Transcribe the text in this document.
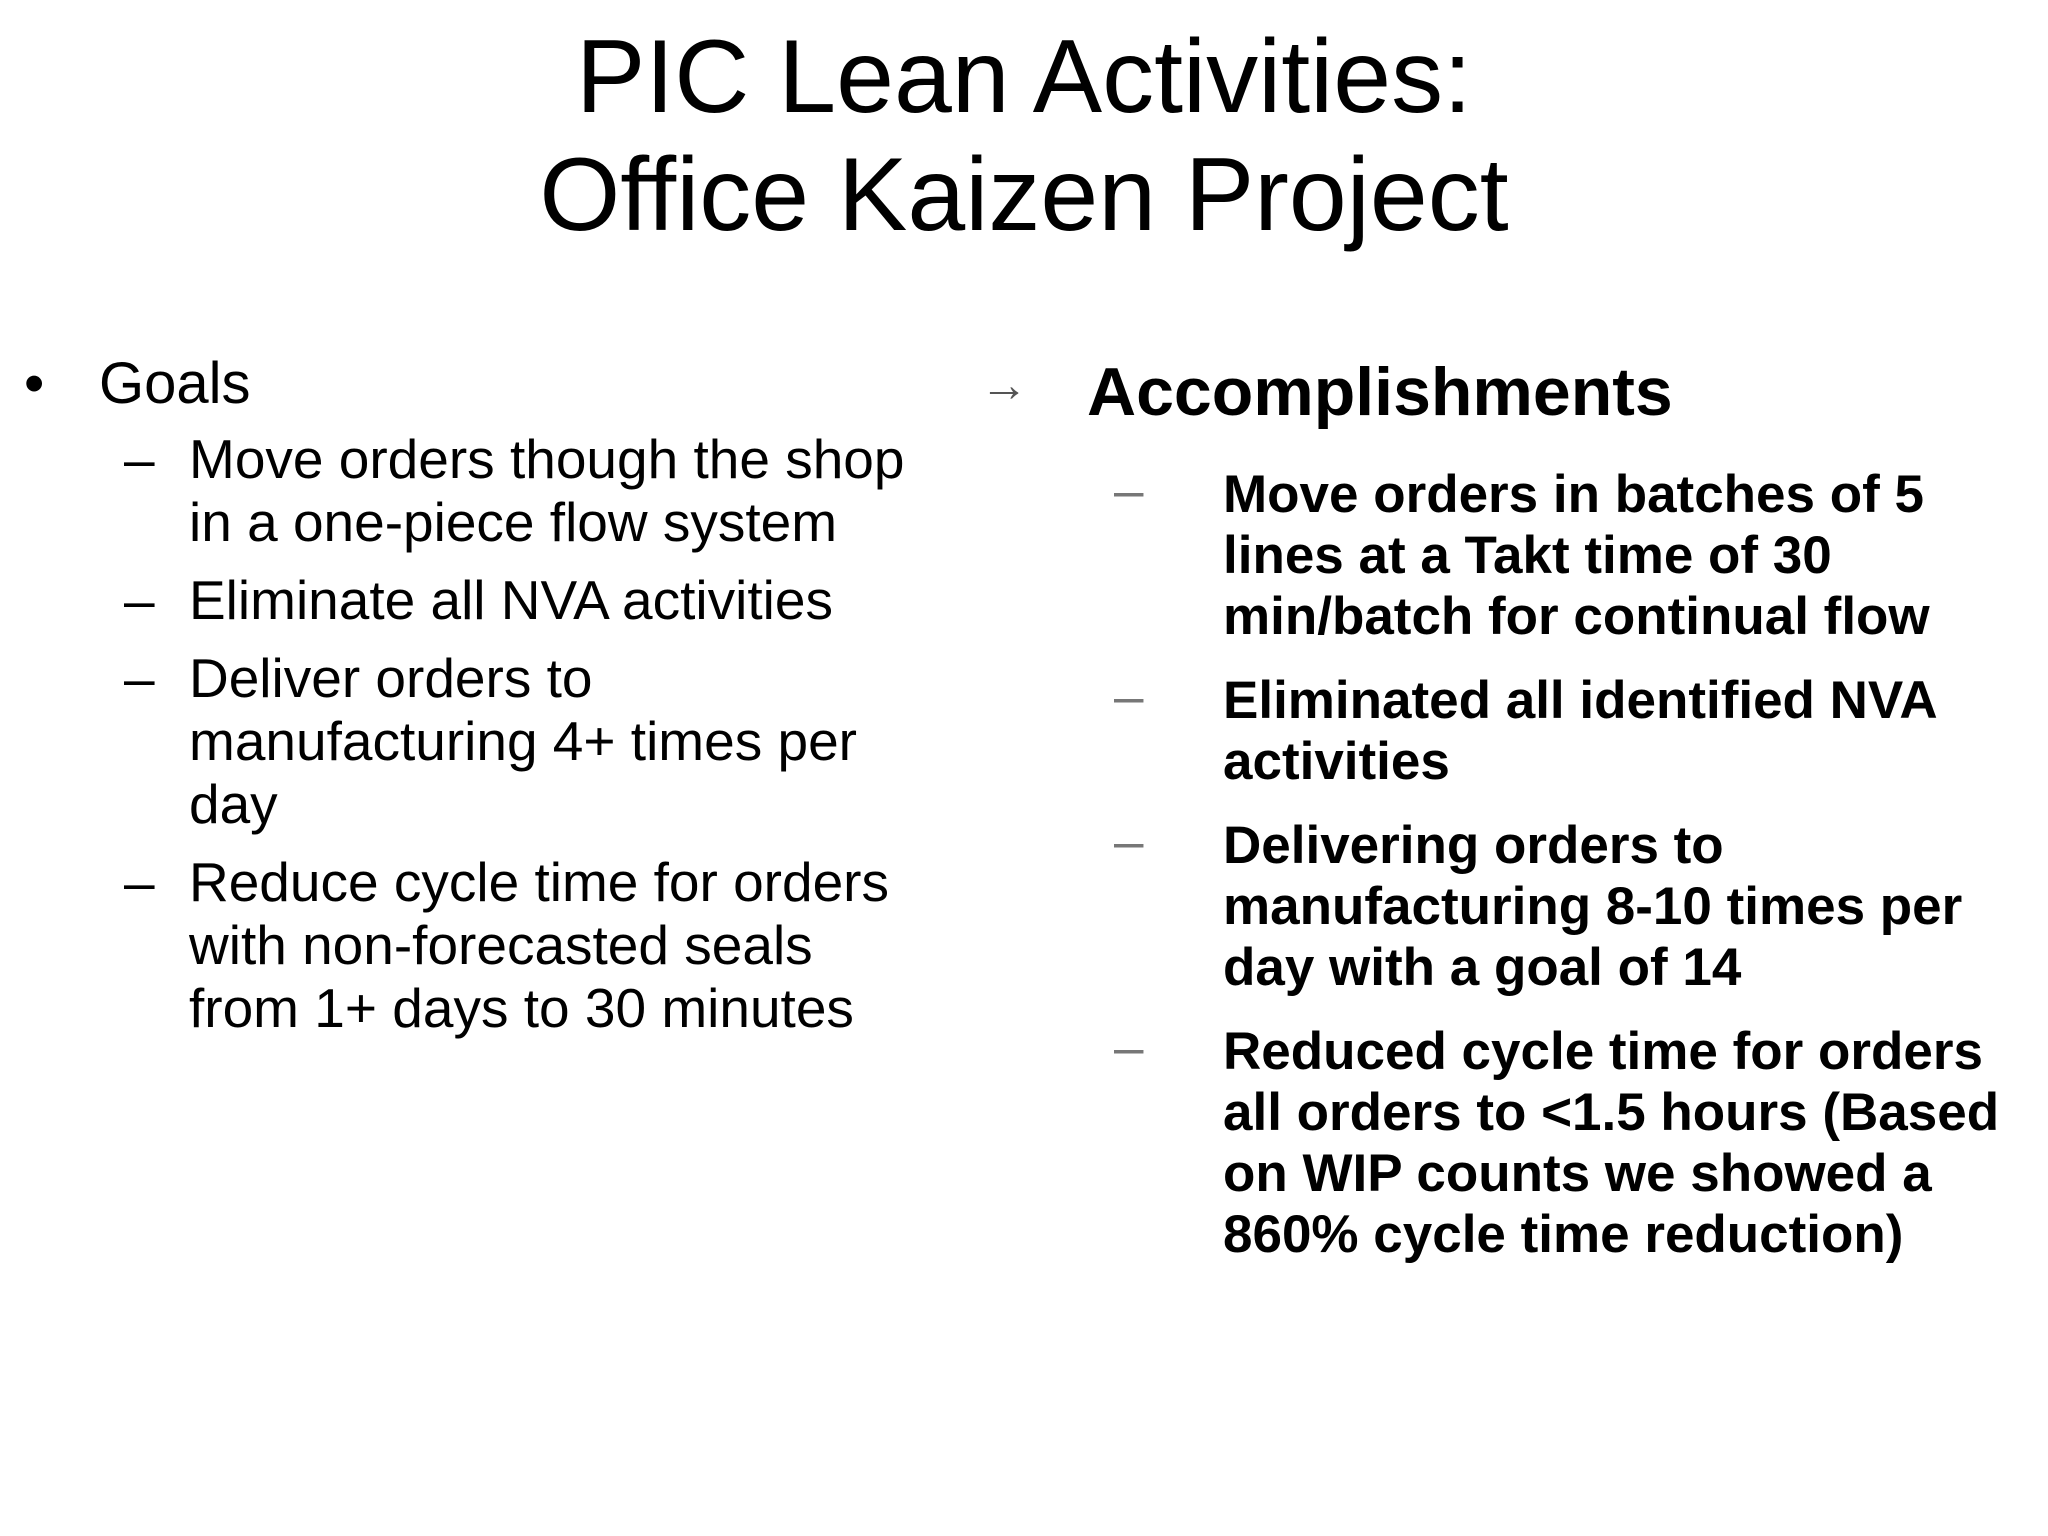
PIC Lean Activities:
Office Kaizen Project
• Goals
– Move orders though the shop in a one-piece flow system
– Eliminate all NVA activities
– Deliver orders to manufacturing 4+ times per day
– Reduce cycle time for orders with non-forecasted seals from 1+ days to 30 minutes
→ Accomplishments
–	Move orders in batches of 5 lines at a Takt time of 30 min/batch for continual flow
–	Eliminated all identified NVA activities
–	Delivering orders to manufacturing 8-10 times per day with a goal of 14
–	Reduced cycle time for orders all orders to <1.5 hours (Based on WIP counts we showed a 860% cycle time reduction)
